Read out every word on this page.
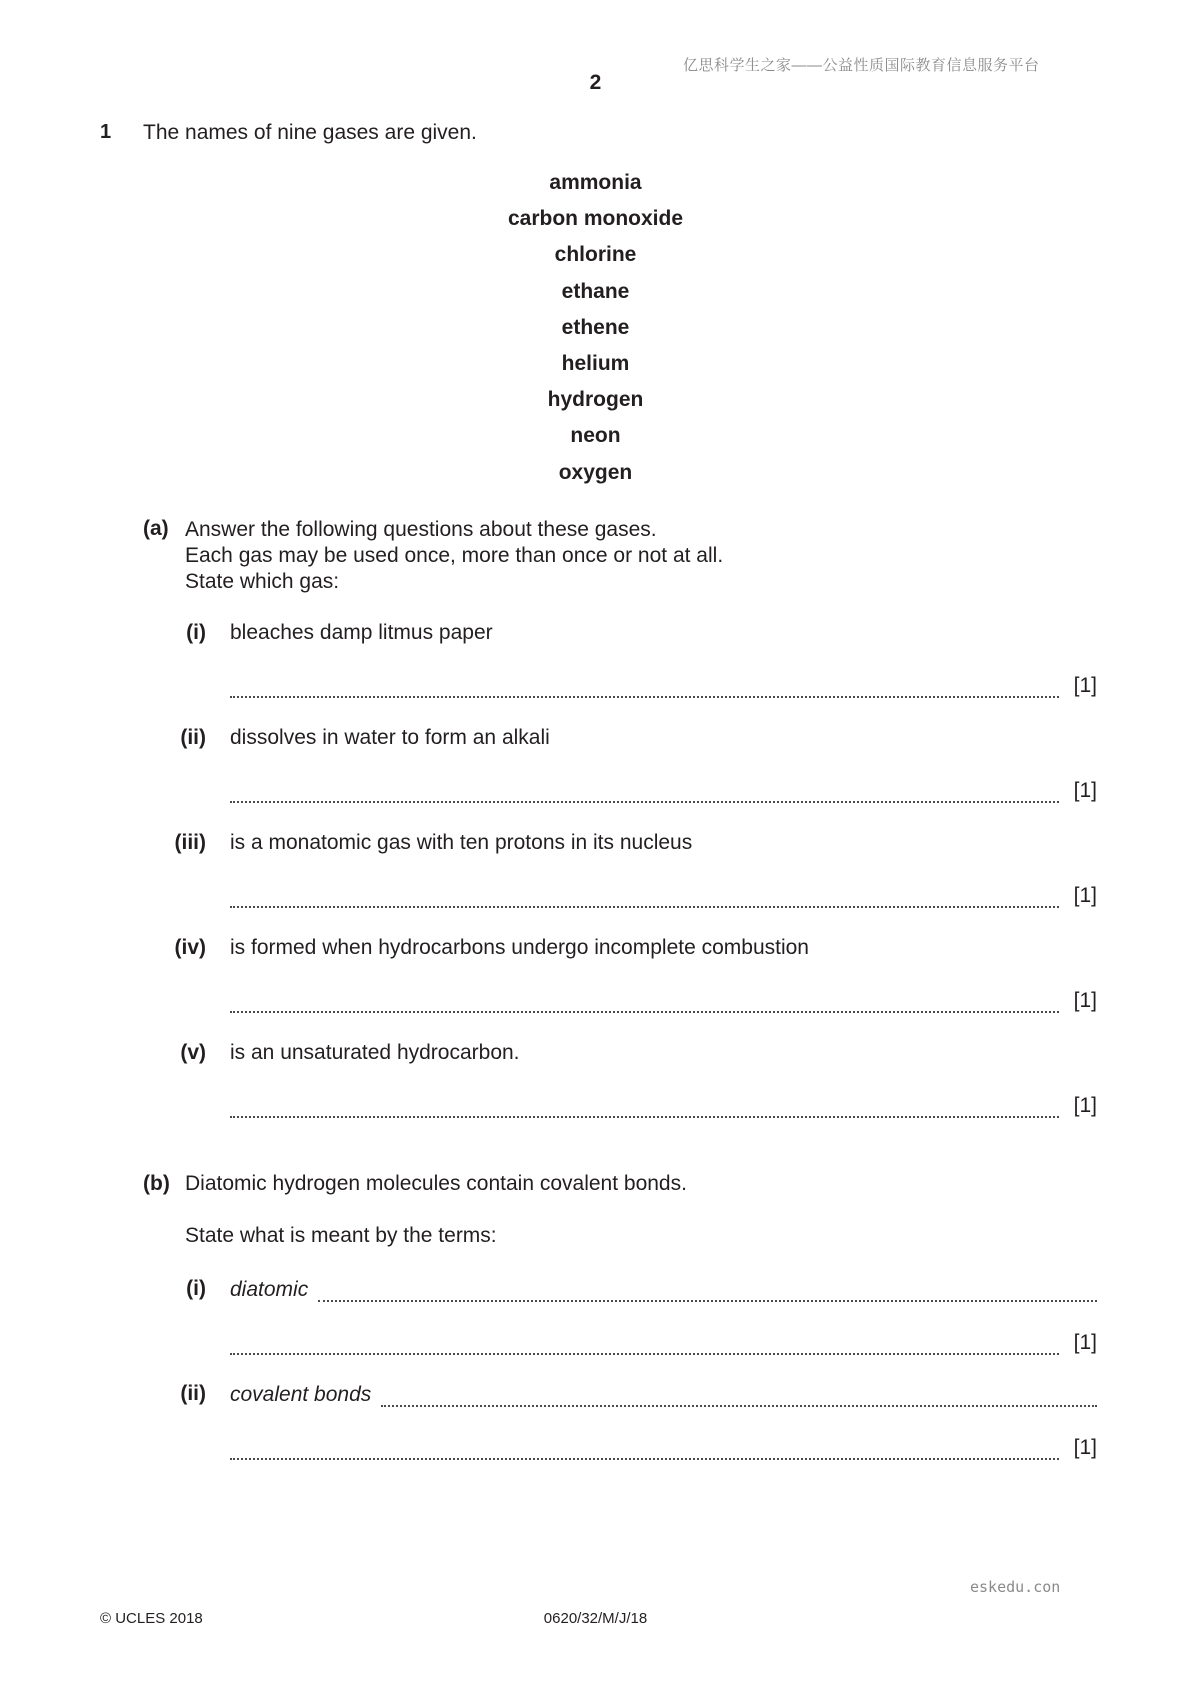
亿思科学生之家——公益性质国际教育信息服务平台
2
1 The names of nine gases are given.
ammonia
carbon monoxide
chlorine
ethane
ethene
helium
hydrogen
neon
oxygen
(a) Answer the following questions about these gases.
Each gas may be used once, more than once or not at all.
State which gas:
(i) bleaches damp litmus paper
[1]
(ii) dissolves in water to form an alkali
[1]
(iii) is a monatomic gas with ten protons in its nucleus
[1]
(iv) is formed when hydrocarbons undergo incomplete combustion
[1]
(v) is an unsaturated hydrocarbon.
[1]
(b) Diatomic hydrogen molecules contain covalent bonds.
State what is meant by the terms:
(i) diatomic
[1]
(ii) covalent bonds
[1]
eskedu.con
© UCLES 2018	0620/32/M/J/18
